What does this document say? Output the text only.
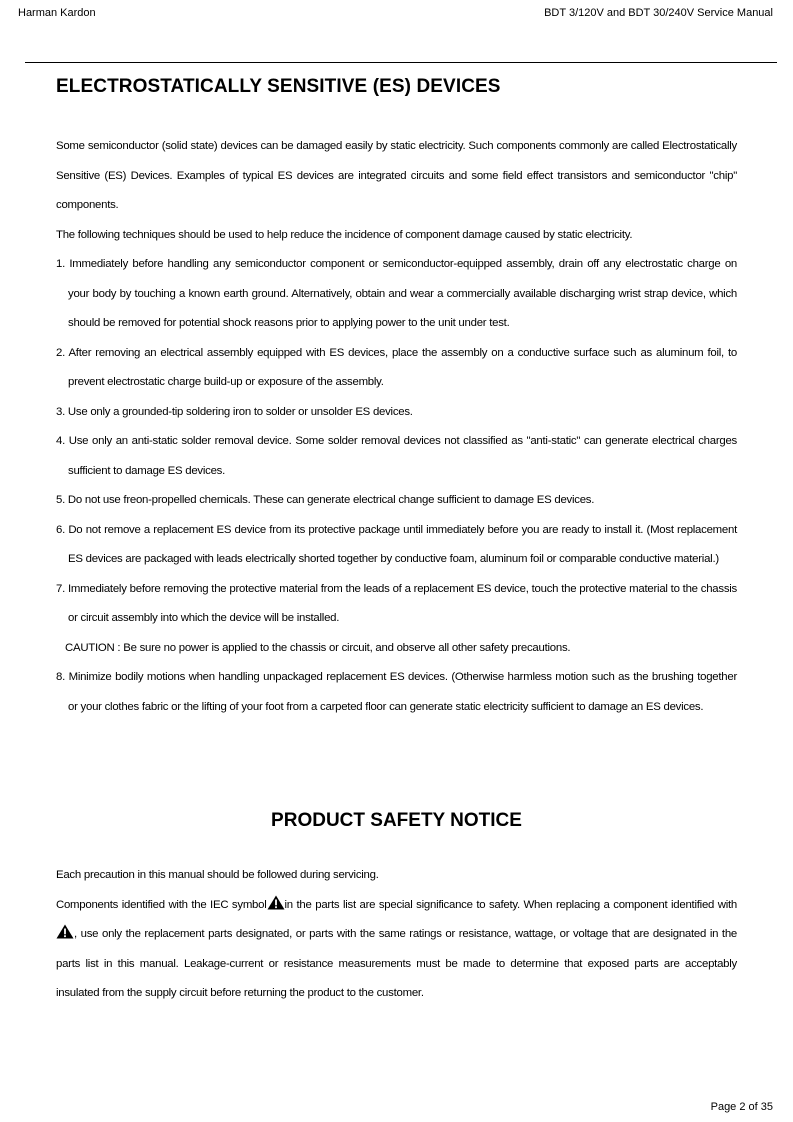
Harman Kardon	BDT 3/120V and BDT 30/240V Service Manual
ELECTROSTATICALLY SENSITIVE (ES) DEVICES

Some semiconductor (solid state) devices can be damaged easily by static electricity. Such components commonly are called Electrostatically Sensitive (ES) Devices. Examples of typical ES devices are integrated circuits and some field effect transistors and semiconductor "chip" components.

The following techniques should be used to help reduce the incidence of component damage caused by static electricity.

1. Immediately before handling any semiconductor component or semiconductor-equipped assembly, drain off any electrostatic charge on your body by touching a known earth ground. Alternatively, obtain and wear a commercially available discharging wrist strap device, which should be removed for potential shock reasons prior to applying power to the unit under test.

2. After removing an electrical assembly equipped with ES devices, place the assembly on a conductive surface such as aluminum foil, to prevent electrostatic charge build-up or exposure of the assembly.

3. Use only a grounded-tip soldering iron to solder or unsolder ES devices.

4. Use only an anti-static solder removal device. Some solder removal devices not classified as "anti-static" can generate electrical charges sufficient to damage ES devices.

5. Do not use freon-propelled chemicals. These can generate electrical change sufficient to damage ES devices.

6. Do not remove a replacement ES device from its protective package until immediately before you are ready to install it. (Most replacement ES devices are packaged with leads electrically shorted together by conductive foam, aluminum foil or comparable conductive material.)

7. Immediately before removing the protective material from the leads of a replacement ES device, touch the protective material to the chassis or circuit assembly into which the device will be installed.

CAUTION : Be sure no power is applied to the chassis or circuit, and observe all other safety precautions.

8. Minimize bodily motions when handling unpackaged replacement ES devices. (Otherwise harmless motion such as the brushing together or your clothes fabric or the lifting of your foot from a carpeted floor can generate static electricity sufficient to damage an ES devices.

PRODUCT SAFETY NOTICE

Each precaution in this manual should be followed during servicing.

Components identified with the IEC symbol in the parts list are special significance to safety. When replacing a component identified with , use only the replacement parts designated, or parts with the same ratings or resistance, wattage, or voltage that are designated in the parts list in this manual. Leakage-current or resistance measurements must be made to determine that exposed parts are acceptably insulated from the supply circuit before returning the product to the customer.

Page 2 of 35
